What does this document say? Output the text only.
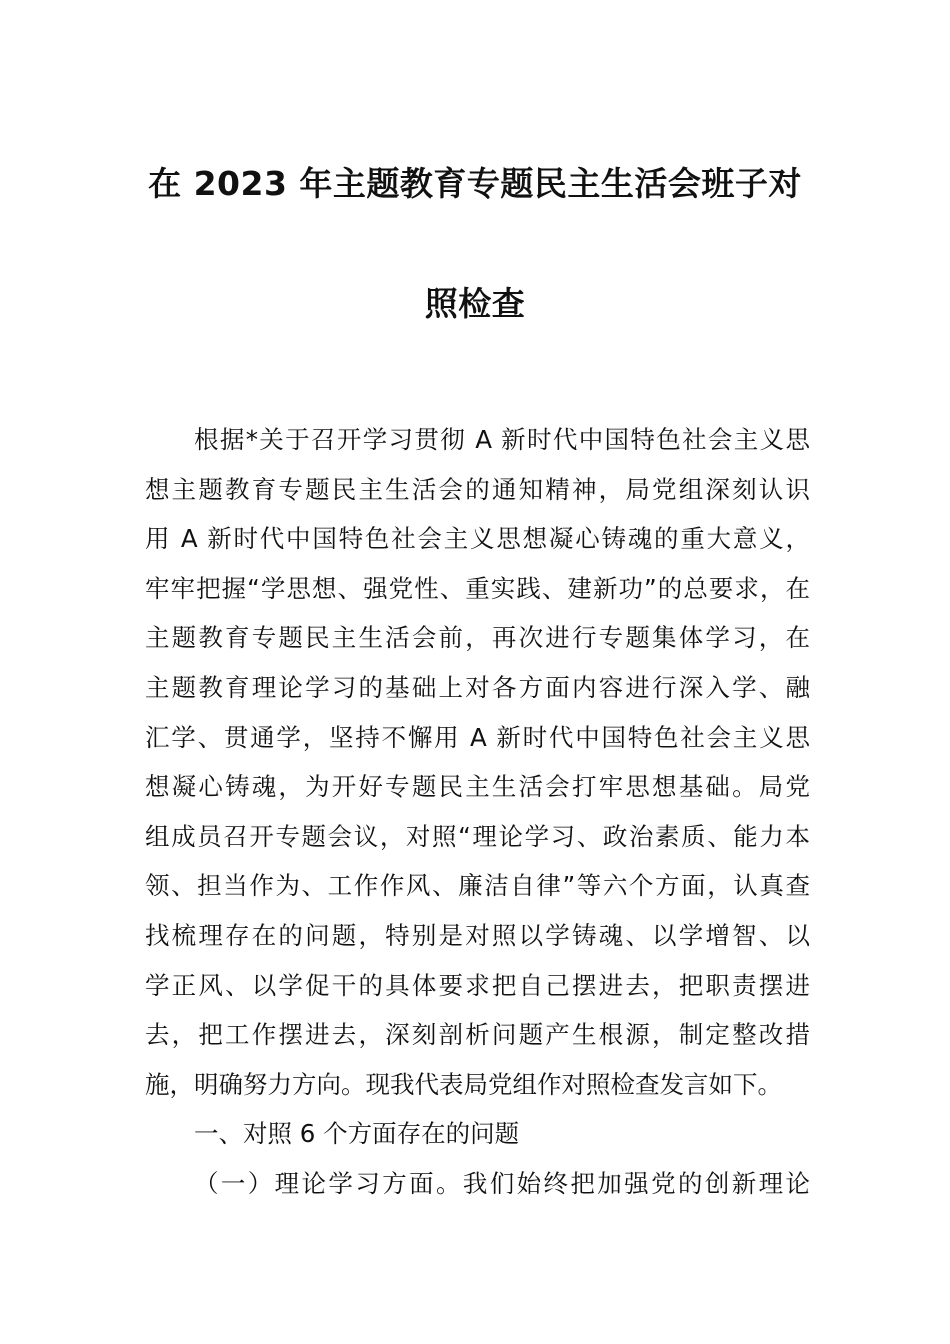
在 2023 年主题教育专题民主生活会班子对
照检查
根据*关于召开学习贯彻 A 新时代中国特色社会主义思
想主题教育专题民主生活会的通知精神，局党组深刻认识
用 A 新时代中国特色社会主义思想凝心铸魂的重大意义，
牢牢把握“学思想、强党性、重实践、建新功”的总要求，在
主题教育专题民主生活会前，再次进行专题集体学习，在
主题教育理论学习的基础上对各方面内容进行深入学、融
汇学、贯通学，坚持不懈用 A 新时代中国特色社会主义思
想凝心铸魂，为开好专题民主生活会打牢思想基础。局党
组成员召开专题会议，对照“理论学习、政治素质、能力本
领、担当作为、工作作风、廉洁自律”等六个方面，认真查
找梳理存在的问题，特别是对照以学铸魂、以学增智、以
学正风、以学促干的具体要求把自己摆进去，把职责摆进
去，把工作摆进去，深刻剖析问题产生根源，制定整改措
施，明确努力方向。现我代表局党组作对照检查发言如下。
一、对照 6 个方面存在的问题
（一）理论学习方面。我们始终把加强党的创新理论
